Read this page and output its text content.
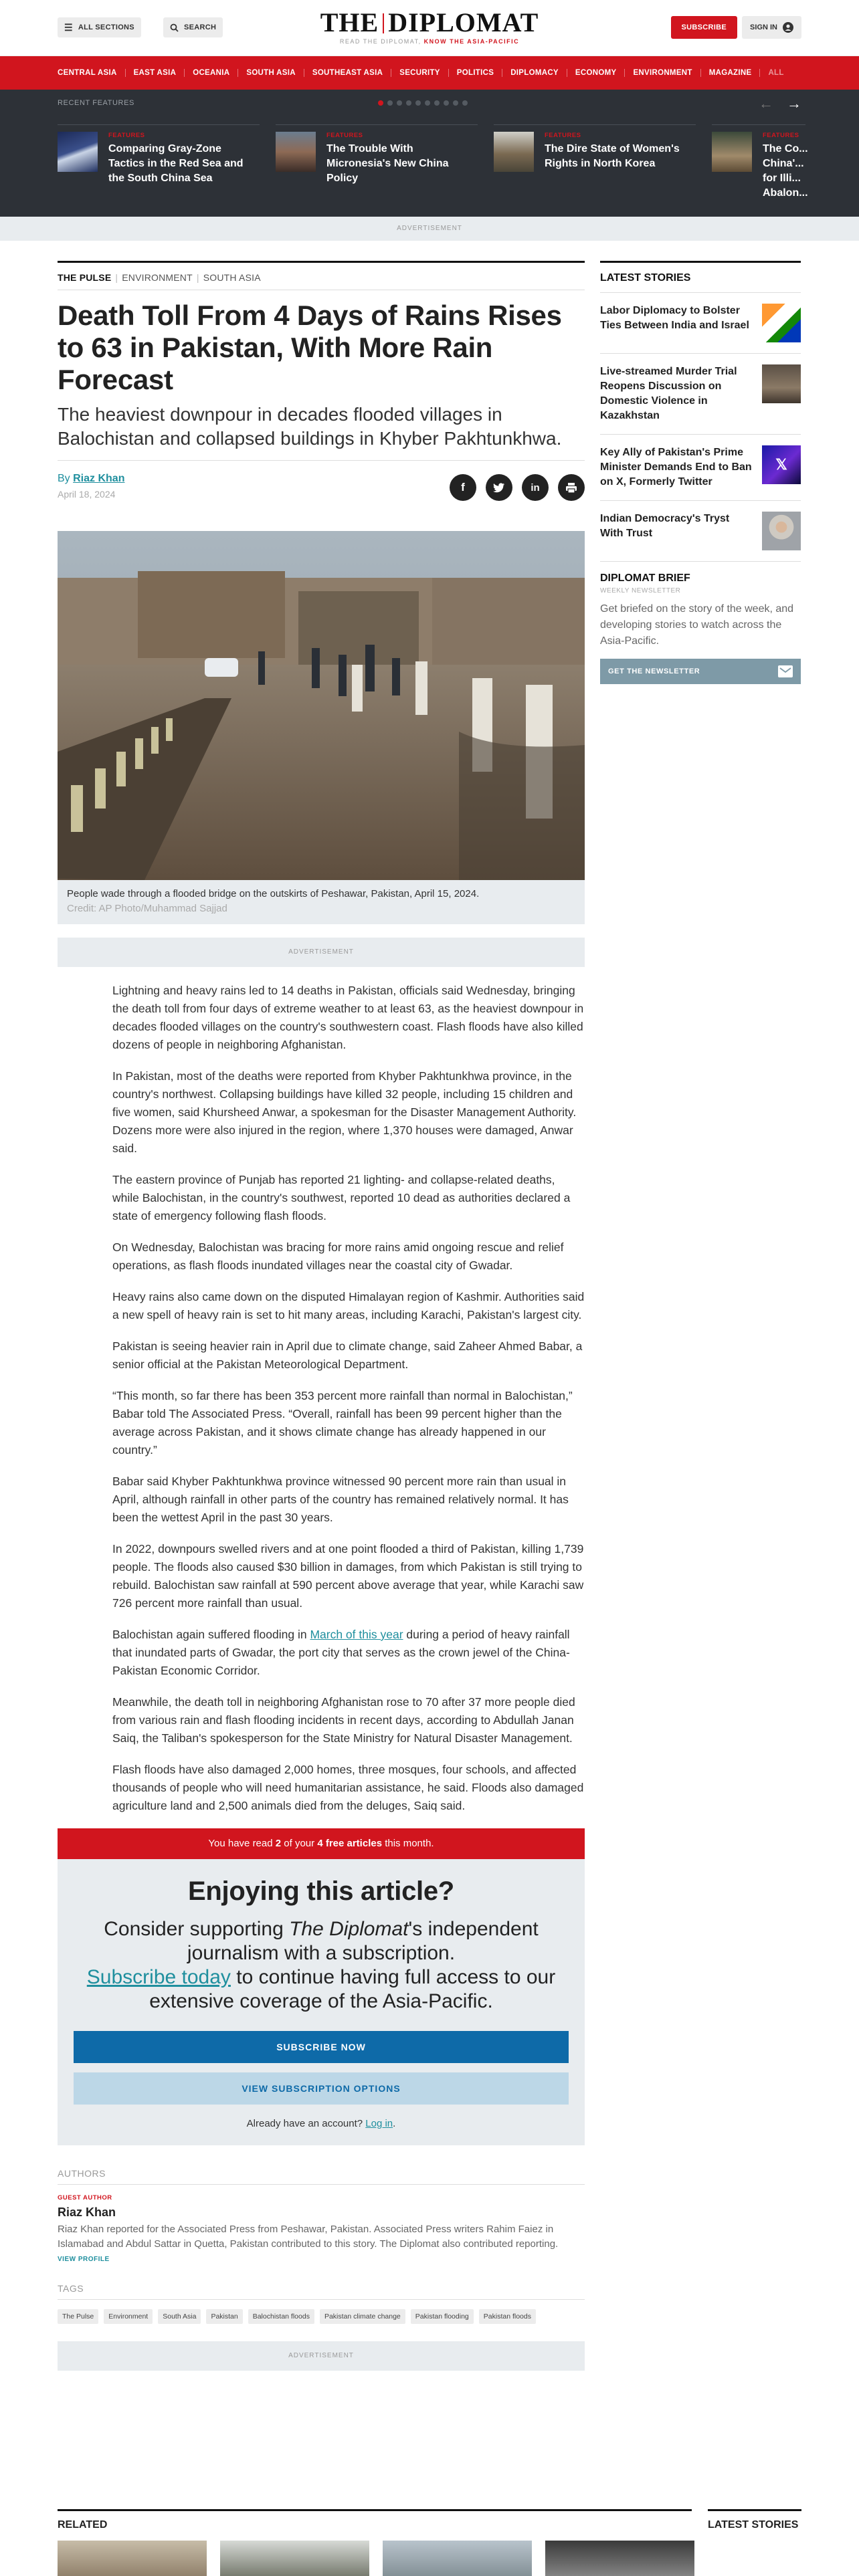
☰ ALL SECTIONS	SEARCH	THE DIPLOMAT
READ THE DIPLOMAT, KNOW THE ASIA-PACIFIC
SUBSCRIBE	SIGN IN
CENTRAL ASIA	EAST ASIA	OCEANIA	SOUTH ASIA	SOUTHEAST ASIA	SECURITY	POLITICS	DIPLOMACY	ECONOMY	ENVIRONMENT	MAGAZINE	ALL
RECENT FEATURES	← →
FEATURES
Comparing Gray-Zone Tactics in the Red Sea and the South China Sea
FEATURES
The Trouble With Micronesia's New China Policy
FEATURES
The Dire State of Women's Rights in North Korea
FEATURES
The Co... China'... for Illi... Abalon...
ADVERTISEMENT
THE PULSE | ENVIRONMENT | SOUTH ASIA
Death Toll From 4 Days of Rains Rises to 63 in Pakistan, With More Rain Forecast
The heaviest downpour in decades flooded villages in Balochistan and collapsed buildings in Khyber Pakhtunkhwa.
By Riaz Khan
April 18, 2024
f	in
People wade through a flooded bridge on the outskirts of Peshawar, Pakistan, April 15, 2024.
Credit: AP Photo/Muhammad Sajjad
ADVERTISEMENT

Lightning and heavy rains led to 14 deaths in Pakistan, officials said Wednesday, bringing the death toll from four days of extreme weather to at least 63, as the heaviest downpour in decades flooded villages on the country's southwestern coast. Flash floods have also killed dozens of people in neighboring Afghanistan.

In Pakistan, most of the deaths were reported from Khyber Pakhtunkhwa province, in the country's northwest. Collapsing buildings have killed 32 people, including 15 children and five women, said Khursheed Anwar, a spokesman for the Disaster Management Authority. Dozens more were also injured in the region, where 1,370 houses were damaged, Anwar said.

The eastern province of Punjab has reported 21 lighting- and collapse-related deaths, while Balochistan, in the country's southwest, reported 10 dead as authorities declared a state of emergency following flash floods.

On Wednesday, Balochistan was bracing for more rains amid ongoing rescue and relief operations, as flash floods inundated villages near the coastal city of Gwadar.

Heavy rains also came down on the disputed Himalayan region of Kashmir. Authorities said a new spell of heavy rain is set to hit many areas, including Karachi, Pakistan's largest city.

Pakistan is seeing heavier rain in April due to climate change, said Zaheer Ahmed Babar, a senior official at the Pakistan Meteorological Department.

“This month, so far there has been 353 percent more rainfall than normal in Balochistan,” Babar told The Associated Press. “Overall, rainfall has been 99 percent higher than the average across Pakistan, and it shows climate change has already happened in our country.”

Babar said Khyber Pakhtunkhwa province witnessed 90 percent more rain than usual in April, although rainfall in other parts of the country has remained relatively normal. It has been the wettest April in the past 30 years.

In 2022, downpours swelled rivers and at one point flooded a third of Pakistan, killing 1,739 people. The floods also caused $30 billion in damages, from which Pakistan is still trying to rebuild. Balochistan saw rainfall at 590 percent above average that year, while Karachi saw 726 percent more rainfall than usual.

Balochistan again suffered flooding in March of this year during a period of heavy rainfall that inundated parts of Gwadar, the port city that serves as the crown jewel of the China-Pakistan Economic Corridor.

Meanwhile, the death toll in neighboring Afghanistan rose to 70 after 37 more people died from various rain and flash flooding incidents in recent days, according to Abdullah Janan Saiq, the Taliban's spokesperson for the State Ministry for Natural Disaster Management.

Flash floods have also damaged 2,000 homes, three mosques, four schools, and affected thousands of people who will need humanitarian assistance, he said. Floods also damaged agriculture land and 2,500 animals died from the deluges, Saiq said.

You have read 2 of your 4 free articles this month.
Enjoying this article?
Consider supporting The Diplomat's independent journalism with a subscription.
Subscribe today to continue having full access to our extensive coverage of the Asia-Pacific.
SUBSCRIBE NOW
VIEW SUBSCRIPTION OPTIONS
Already have an account? Log in.
AUTHORS
GUEST AUTHOR
Riaz Khan
Riaz Khan reported for the Associated Press from Peshawar, Pakistan. Associated Press writers Rahim Faiez in Islamabad and Abdul Sattar in Quetta, Pakistan contributed to this story. The Diplomat also contributed reporting.
VIEW PROFILE
TAGS
The Pulse	Environment	South Asia	Pakistan	Balochistan floods	Pakistan climate change	Pakistan flooding	Pakistan floods
ADVERTISEMENT
LATEST STORIES
Labor Diplomacy to Bolster Ties Between India and Israel
Live-streamed Murder Trial Reopens Discussion on Domestic Violence in Kazakhstan
Key Ally of Pakistan's Prime Minister Demands End to Ban on X, Formerly Twitter
𝕏
Indian Democracy's Tryst With Trust
DIPLOMAT BRIEF
WEEKLY NEWSLETTER
Get briefed on the story of the week, and developing stories to watch across the Asia-Pacific.
GET THE NEWSLETTER
RELATED	LATEST STORIES
